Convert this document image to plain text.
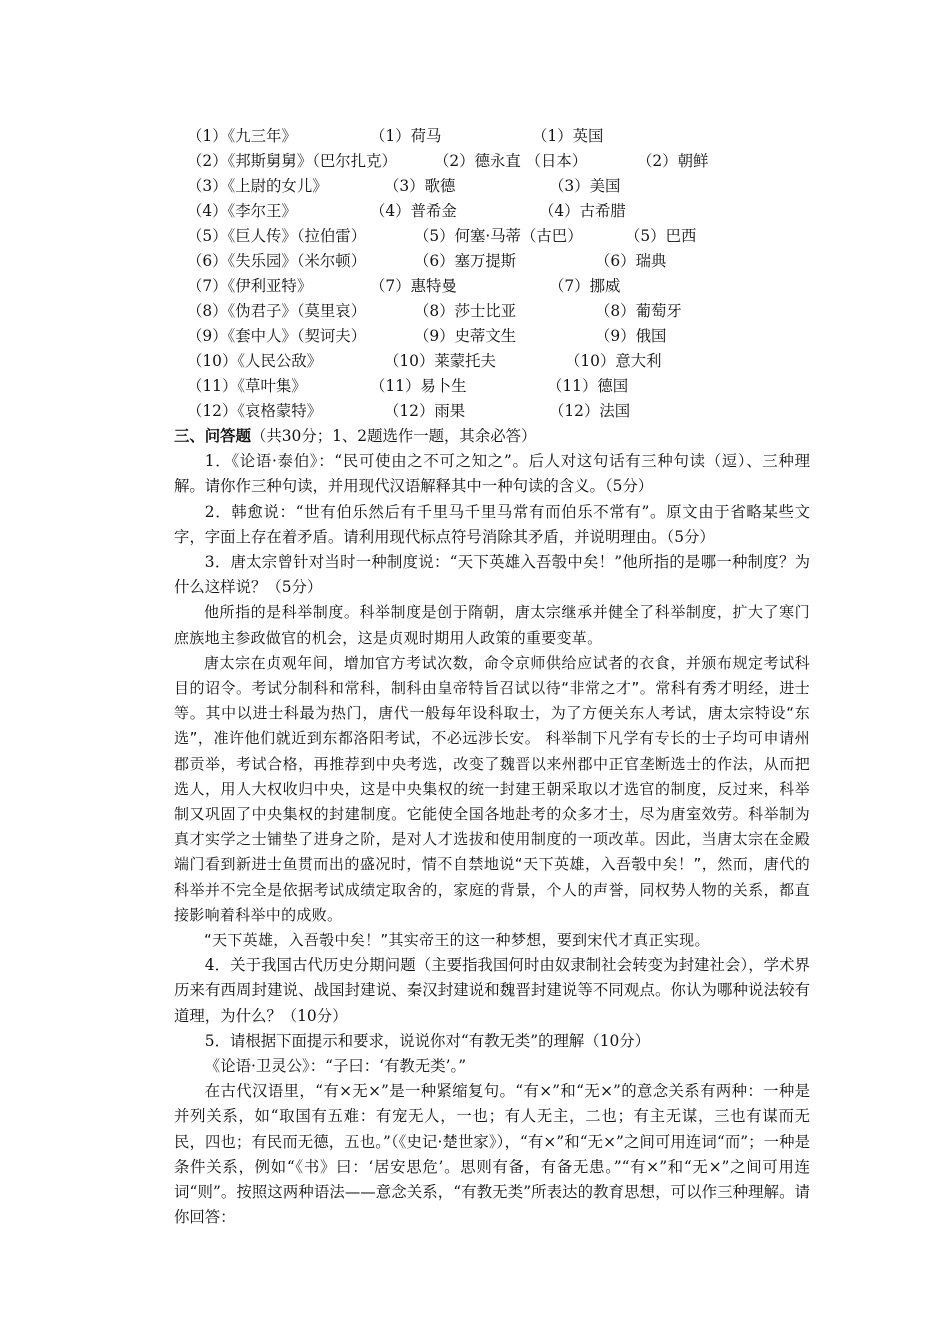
（1）《九三年》	（1）荷马	（1）英国
（2）《邦斯舅舅》（巴尔扎克） （2）德永直 （日本）	（2）朝鲜
（3）《上尉的女儿》	（3）歌德	（3）美国
（4）《李尔王》	（4）普希金	（4）古希腊
（5）《巨人传》（拉伯雷）	（5）何塞·马蒂（古巴）	（5）巴西
（6）《失乐园》（米尔顿）	（6）塞万提斯	（6）瑞典
（7）《伊利亚特》	（7）惠特曼	（7）挪威
（8）《伪君子》（莫里哀）	（8）莎士比亚	（8）葡萄牙
（9）《套中人》（契诃夫）	（9）史蒂文生	（9）俄国
（10）《人民公敌》	（10）莱蒙托夫	（10）意大利
（11）《草叶集》	（11）易卜生	（11）德国
（12）《哀格蒙特》	（12）雨果	（12）法国

三、问答题（共30分；1、2题选作一题，其余必答）

1．《论语·泰伯》：“民可使由之不可之知之”。后人对这句话有三种句读（逗）、三种理解。请你作三种句读，并用现代汉语解释其中一种句读的含义。（5分）

2．韩愈说：“世有伯乐然后有千里马千里马常有而伯乐不常有”。原文由于省略某些文字，字面上存在着矛盾。请利用现代标点符号消除其矛盾，并说明理由。（5分）

3．唐太宗曾针对当时一种制度说：“天下英雄入吾彀中矣！”他所指的是哪一种制度？为什么这样说？（5分）

他所指的是科举制度。科举制度是创于隋朝，唐太宗继承并健全了科举制度，扩大了寒门庶族地主参政做官的机会，这是贞观时期用人政策的重要变革。

唐太宗在贞观年间，增加官方考试次数，命令京师供给应试者的衣食，并颁布规定考试科目的诏令。考试分制科和常科，制科由皇帝特旨召试以待“非常之才”。常科有秀才明经，进士等。其中以进士科最为热门，唐代一般每年设科取士，为了方便关东人考试，唐太宗特设“东选”，准许他们就近到东都洛阳考试，不必远涉长安。 科举制下凡学有专长的士子均可申请州郡贡举，考试合格，再推荐到中央考选，改变了魏晋以来州郡中正官垄断选士的作法，从而把选人，用人大权收归中央，这是中央集权的统一封建王朝采取以才选官的制度，反过来，科举制又巩固了中央集权的封建制度。它能使全国各地赴考的众多才士，尽为唐室效劳。科举制为真才实学之士铺垫了进身之阶，是对人才选拔和使用制度的一项改革。因此，当唐太宗在金殿端门看到新进士鱼贯而出的盛况时，情不自禁地说“天下英雄，入吾彀中矣！”，然而，唐代的科举并不完全是依据考试成绩定取舍的，家庭的背景，个人的声誉，同权势人物的关系，都直接影响着科举中的成败。

“天下英雄，入吾彀中矣！”其实帝王的这一种梦想，要到宋代才真正实现。

4．关于我国古代历史分期问题（主要指我国何时由奴隶制社会转变为封建社会），学术界历来有西周封建说、战国封建说、秦汉封建说和魏晋封建说等不同观点。你认为哪种说法较有道理，为什么？（10分）

5．请根据下面提示和要求，说说你对“有教无类”的理解（10分）

《论语·卫灵公》：“子曰：‘有教无类’。”

在古代汉语里，“有×无×”是一种紧缩复句。“有×”和“无×”的意念关系有两种：一种是并列关系，如“取国有五难：有宠无人，一也；有人无主，二也；有主无谋，三也有谋而无民，四也；有民而无德，五也。”（《史记·楚世家》），“有×”和“无×”之间可用连词“而”；一种是条件关系，例如“《书》曰：‘居安思危’。思则有备，有备无患。”“有×”和“无×”之间可用连词“则”。按照这两种语法——意念关系，“有教无类”所表达的教育思想，可以作三种理解。请你回答：
